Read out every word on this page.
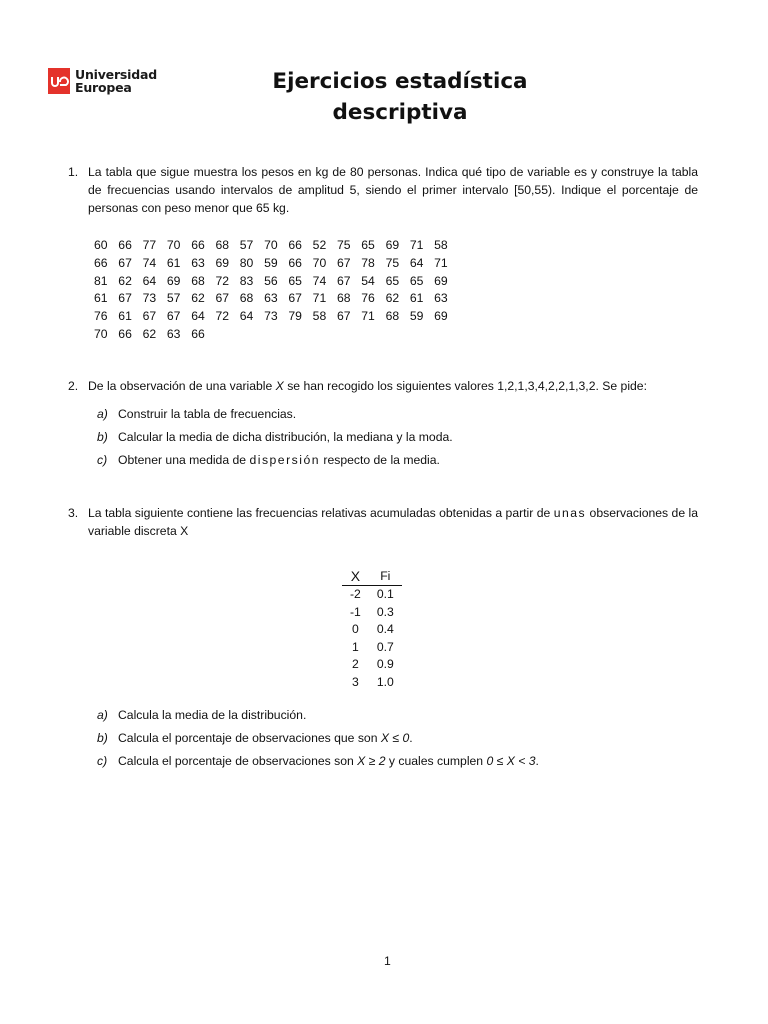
Universidad
Europea	Ejercicios estadística
descriptiva
1. La tabla que sigue muestra los pesos en kg de 80 personas. Indica qué tipo de variable es y construye la tabla de frecuencias usando intervalos de amplitud 5, siendo el primer intervalo [50,55). Indique el porcentaje de personas con peso menor que 65 kg.
60 66 77 70 66 68 57 70 66 52 75 65 69 71 58
66 67 74 61 63 69 80 59 66 70 67 78 75 64 71
81 62 64 69 68 72 83 56 65 74 67 54 65 65 69
61 67 73 57 62 67 68 63 67 71 68 76 62 61 63
76 61 67 67 64 72 64 73 79 58 67 71 68 59 69
70 66 62 63 66
2. De la observación de una variable X se han recogido los siguientes valores 1,2,1,3,4,2,2,1,3,2. Se pide:
a) Construir la tabla de frecuencias.
b) Calcular la media de dicha distribución, la mediana y la moda.
c) Obtener una medida de dispersión respecto de la media.
3. La tabla siguiente contiene las frecuencias relativas acumuladas obtenidas a partir de unas observaciones de la variable discreta X
X	Fi
-2	0.1
-1	0.3
0	0.4
1	0.7
2	0.9
3	1.0
a) Calcula la media de la distribución.
b) Calcula el porcentaje de observaciones que son X ≤ 0.
c) Calcula el porcentaje de observaciones son X ≥ 2 y cuales cumplen 0 ≤ X < 3.
1
